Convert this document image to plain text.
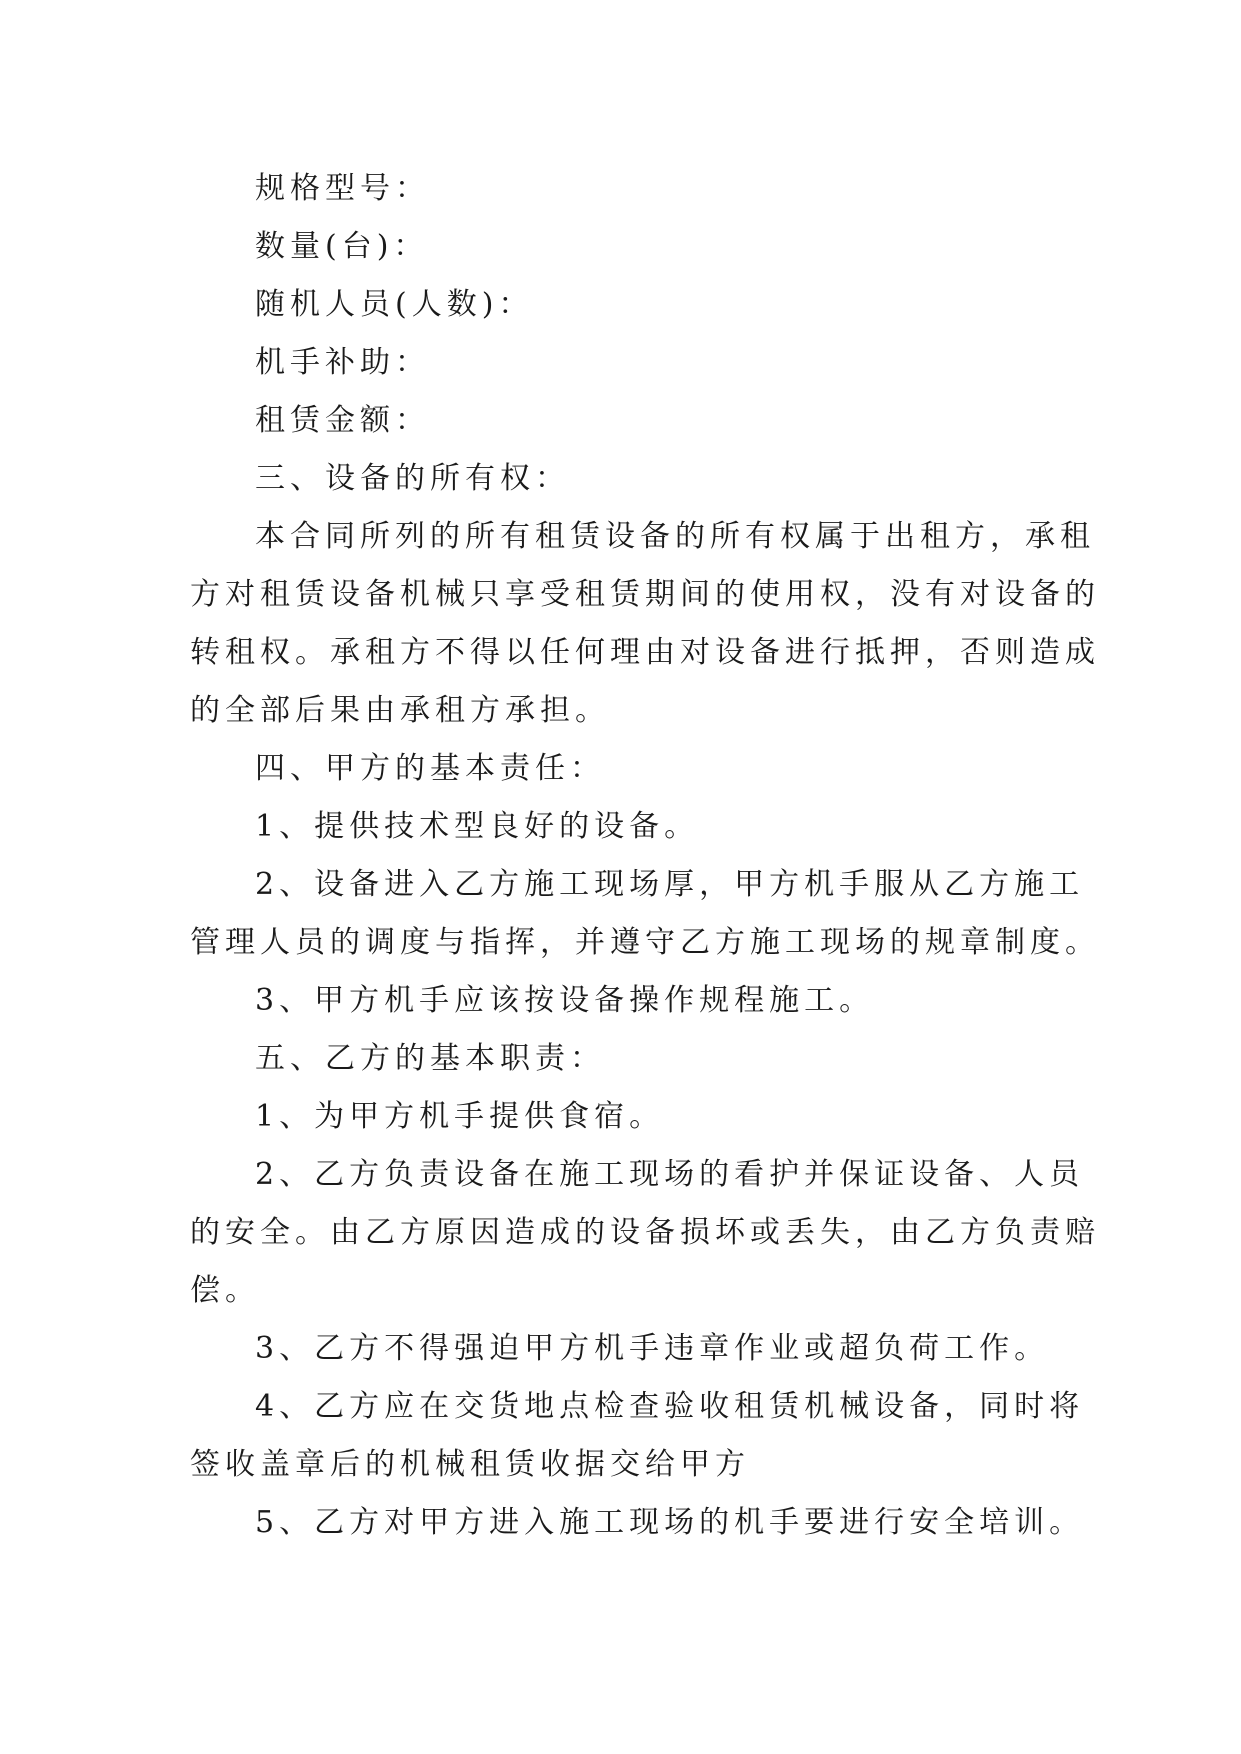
规格型号：
数量(台)：
随机人员(人数)：
机手补助：
租赁金额：
三、设备的所有权：
本合同所列的所有租赁设备的所有权属于出租方，承租
方对租赁设备机械只享受租赁期间的使用权，没有对设备的
转租权。承租方不得以任何理由对设备进行抵押，否则造成
的全部后果由承租方承担。
四、甲方的基本责任：
1、提供技术型良好的设备。
2、设备进入乙方施工现场厚，甲方机手服从乙方施工
管理人员的调度与指挥，并遵守乙方施工现场的规章制度。
3、甲方机手应该按设备操作规程施工。
五、乙方的基本职责：
1、为甲方机手提供食宿。
2、乙方负责设备在施工现场的看护并保证设备、人员
的安全。由乙方原因造成的设备损坏或丢失，由乙方负责赔
偿。
3、乙方不得强迫甲方机手违章作业或超负荷工作。
4、乙方应在交货地点检查验收租赁机械设备，同时将
签收盖章后的机械租赁收据交给甲方
5、乙方对甲方进入施工现场的机手要进行安全培训。
